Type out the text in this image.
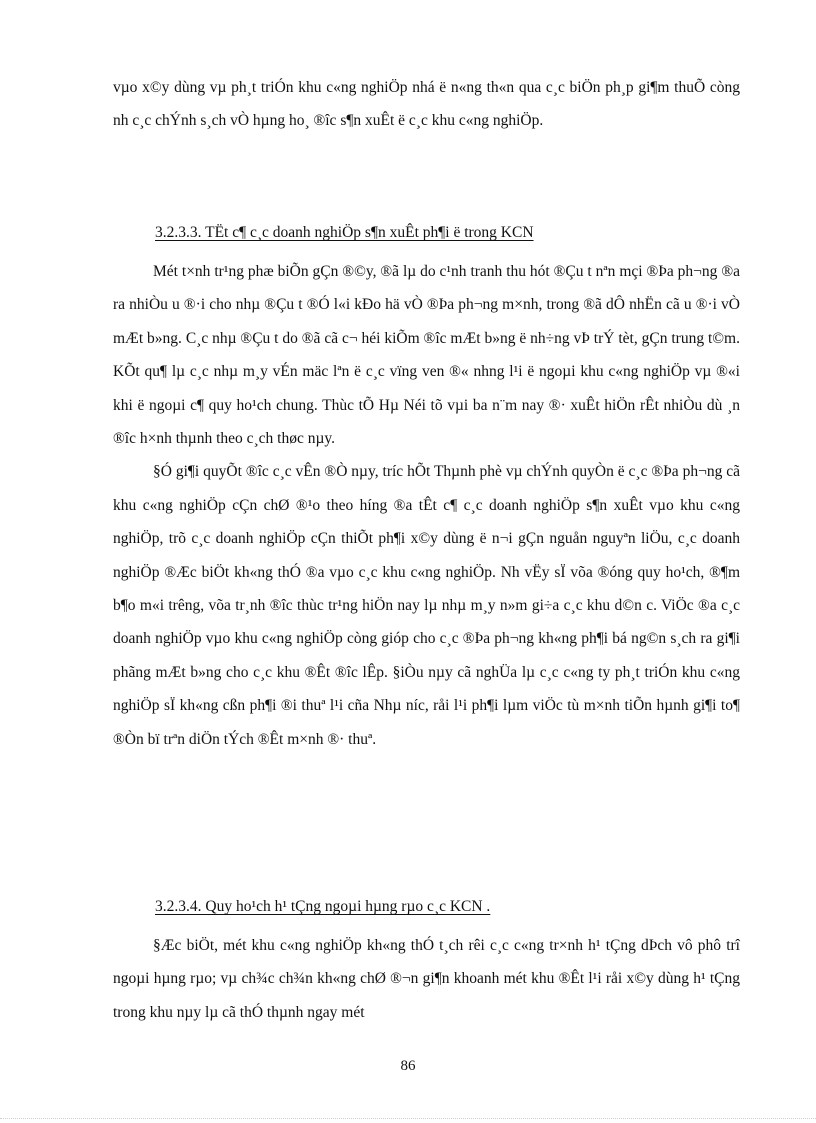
vµo x©y dùng vµ ph¸t triÓn khu c«ng nghiÖp nhá ë n«ng th«n qua c¸c biÖn ph¸p gi¶m thuÕ còng nh c¸c chÝnh s¸ch vÒ hµng ho¸ ®îc s¶n xuÊt ë c¸c khu c«ng nghiÖp.

3.2.3.3. TËt c¶ c¸c doanh nghiÖp s¶n xuÊt ph¶i ë trong KCN

Mét t×nh tr¹ng phæ biÕn gÇn ®©y, ®ã lµ do c¹nh tranh thu hót ®Çu t nªn mçi ®Þa ph¬ng ®a ra nhiÒu u ®·i cho nhµ ®Çu t ®Ó l«i kÐo hä vÒ ®Þa ph¬ng m×nh, trong ®ã dÔ nhËn cã u ®·i vÒ mÆt b»ng. C¸c nhµ ®Çu t do ®ã cã c¬ héi kiÕm ®îc mÆt b»ng ë nh÷ng vÞ trÝ tèt, gÇn trung t©m. KÕt qu¶ lµ c¸c nhµ m¸y vÉn mäc lªn ë c¸c vïng ven ®« nhng l¹i ë ngoµi khu c«ng nghiÖp vµ ®«i khi ë ngoµi c¶ quy ho¹ch chung. Thùc tÕ Hµ Néi tõ vµi ba n¨m nay ®· xuÊt hiÖn rÊt nhiÒu dù ¸n ®îc h×nh thµnh theo c¸ch thøc nµy.

§Ó gi¶i quyÕt ®îc c¸c vÊn ®Ò nµy, tríc hÕt Thµnh phè vµ chÝnh quyÒn ë c¸c ®Þa ph¬ng cã khu c«ng nghiÖp cÇn chØ ®¹o theo híng ®a tÊt c¶ c¸c doanh nghiÖp s¶n xuÊt vµo khu c«ng nghiÖp, trõ c¸c doanh nghiÖp cÇn thiÕt ph¶i x©y dùng ë n¬i gÇn nguån nguyªn liÖu, c¸c doanh nghiÖp ®Æc biÖt kh«ng thÓ ®a vµo c¸c khu c«ng nghiÖp. Nh vËy sÏ võa ®óng quy ho¹ch, ®¶m b¶o m«i trêng, võa tr¸nh ®îc thùc tr¹ng hiÖn nay lµ nhµ m¸y n»m gi÷a c¸c khu d©n c. ViÖc ®a c¸c doanh nghiÖp vµo khu c«ng nghiÖp còng gióp cho c¸c ®Þa ph¬ng kh«ng ph¶i bá ng©n s¸ch ra gi¶i phãng mÆt b»ng cho c¸c khu ®Êt ®îc lÊp. §iÒu nµy cã nghÜa lµ c¸c c«ng ty ph¸t triÓn khu c«ng nghiÖp sÏ kh«ng cßn ph¶i ®i thuª l¹i cña Nhµ níc, råi l¹i ph¶i lµm viÖc tù m×nh tiÕn hµnh gi¶i to¶ ®Òn bï trªn diÖn tÝch ®Êt m×nh ®· thuª.

3.2.3.4. Quy ho¹ch h¹ tÇng ngoµi hµng rµo c¸c KCN .

§Æc biÖt, mét khu c«ng nghiÖp kh«ng thÓ t¸ch rêi c¸c c«ng tr×nh h¹ tÇng dÞch vô phô trî ngoµi hµng rµo; vµ ch¾c ch¾n kh«ng chØ ®¬n gi¶n khoanh mét khu ®Êt l¹i råi x©y dùng h¹ tÇng trong khu nµy lµ cã thÓ thµnh ngay mét

86
